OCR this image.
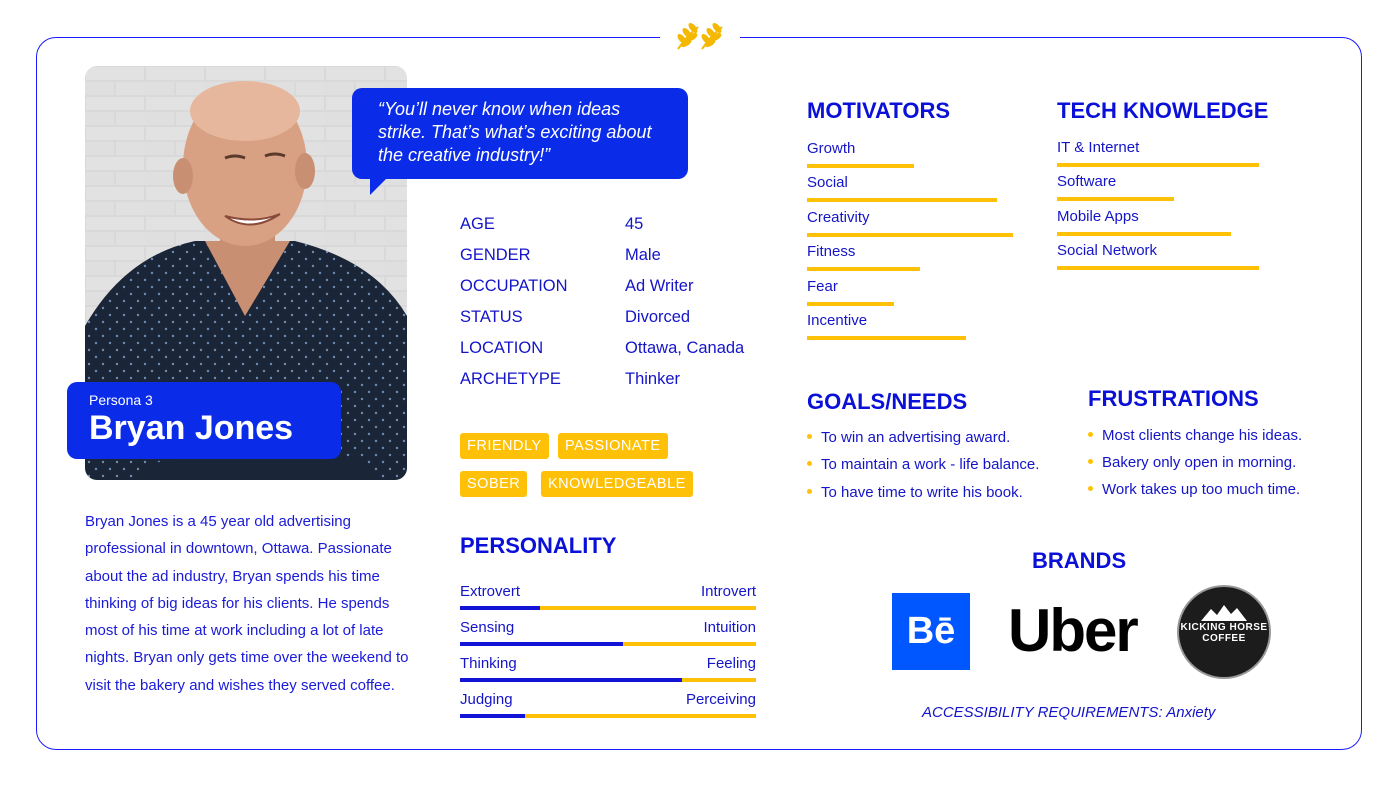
Persona 3
Bryan Jones
Bryan Jones is a 45 year old advertising professional in downtown, Ottawa. Passionate about the ad industry, Bryan spends his time thinking of big ideas for his clients. He spends most of his time at work including a lot of late nights. Bryan only gets time over the weekend to visit the bakery and wishes they served coffee.
“You’ll never know when ideas strike. That’s what’s exciting about the creative industry!”
AGE	45
GENDER	Male
OCCUPATION	Ad Writer
STATUS	Divorced
LOCATION	Ottawa, Canada
ARCHETYPE	Thinker
FRIENDLY	PASSIONATE
SOBER	KNOWLEDGEABLE
PERSONALITY
Extrovert	Introvert
Sensing	Intuition
Thinking	Feeling
Judging	Perceiving
MOTIVATORS
Growth
Social
Creativity
Fitness
Fear
Incentive
TECH KNOWLEDGE
IT & Internet
Software
Mobile Apps
Social Network
GOALS/NEEDS
To win an advertising award.
To maintain a work - life balance.
To have time to write his book.
FRUSTRATIONS
Most clients change his ideas.
Bakery only open in morning.
Work takes up too much time.
BRANDS
Bē Uber	KICKING HORSE COFFEE
ACCESSIBILITY REQUIREMENTS: Anxiety
